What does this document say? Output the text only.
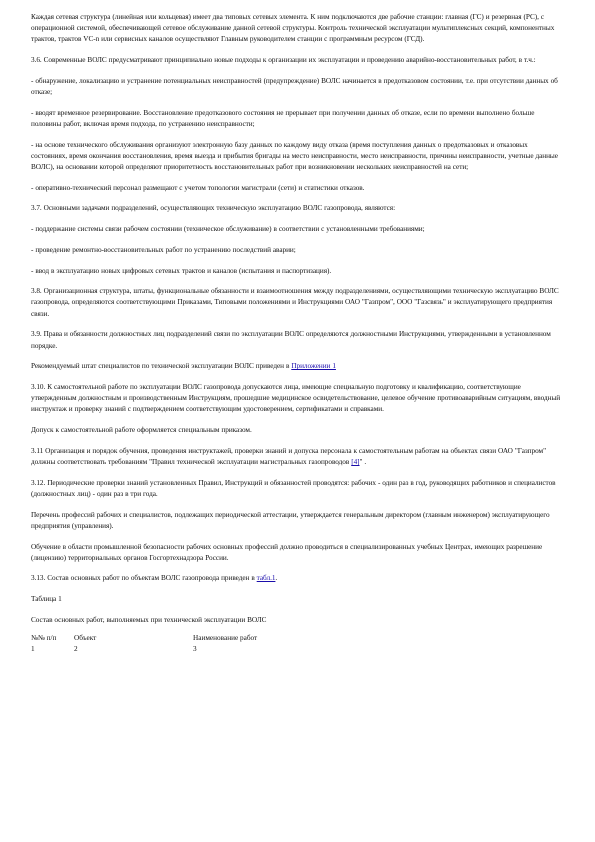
Каждая сетевая структура (линейная или кольцевая) имеет два типовых сетевых элемента. К ним подключаются две рабочие станции: главная (ГС) и резервная (РС), с операционной системой, обеспечивающей сетевое обслуживание данной сетевой структуры. Контроль технической эксплуатации мультиплексных секций, компонентных трактов, трактов VC-n или сервисных каналов осуществляют Главным руководителем станции с программным ресурсом (ГСД).

3.6. Современные ВОЛС предусматривают принципиально новые подходы к организации их эксплуатации и проведению аварийно-восстановительных работ, в т.ч.:

- обнаружение, локализацию и устранение потенциальных неисправностей (предупреждение) ВОЛС начинается в предотказовом состоянии, т.е. при отсутствии данных об отказе;

- вводят временное резервирование. Восстановление предотказового состояния не прерывает при получении данных об отказе, если по времени выполнено больше половины работ, включая время подхода, по устранению неисправности;

- на основе технического обслуживания организуют электронную базу данных по каждому виду отказа (время поступления данных о предотказовых и отказовых состояниях, время окончания восстановления, время выезда и прибытия бригады на место неисправности, место неисправности, причины неисправности, учетные данные ВОЛС), на основании которой определяют приоритетность восстановительных работ при возникновении нескольких неисправностей на сети;

- оперативно-технический персонал размещают с учетом топологии магистрали (сети) и статистики отказов.

3.7. Основными задачами подразделений, осуществляющих техническую эксплуатацию ВОЛС газопровода, являются:

- поддержание системы связи рабочем состоянии (техническое обслуживание) в соответствии с установленными требованиями;

- проведение ремонтно-восстановительных работ по устранению последствий аварии;

- ввод в эксплуатацию новых цифровых сетевых трактов и каналов (испытания и паспортизация).

3.8. Организационная структура, штаты, функциональные обязанности и взаимоотношения между подразделениями, осуществляющими техническую эксплуатацию ВОЛС газопровода, определяются соответствующими Приказами, Типовыми положениями и Инструкциями ОАО "Газпром", ООО "Газсвязь" и эксплуатирующего предприятия связи.

3.9. Права и обязанности должностных лиц подразделений связи по эксплуатации ВОЛС определяются должностными Инструкциями, утвержденными в установленном порядке.

Рекомендуемый штат специалистов по технической эксплуатации ВОЛС приведен в Приложении 1

3.10. К самостоятельной работе по эксплуатации ВОЛС газопровода допускаются лица, имеющие специальную подготовку и квалификацию, соответствующие утвержденным должностным и производственным Инструкциям, прошедшие медицинское освидетельствование, целевое обучение противоаварийным ситуациям, вводный инструктаж и проверку знаний с подтверждением соответствующим удостоверением, сертификатами и справками.

Допуск к самостоятельной работе оформляется специальным приказом.

3.11 Организация и порядок обучения, проведения инструктажей, проверки знаний и допуска персонала к самостоятельным работам на объектах связи ОАО "Газпром" должны соответствовать требованиям "Правил технической эксплуатации магистральных газопроводов [4]" .

3.12. Периодические проверки знаний установленных Правил, Инструкций и обязанностей проводятся: рабочих - один раз в год, руководящих работников и специалистов (должностных лиц) - один раз в три года.

Перечень профессий рабочих и специалистов, подлежащих периодической аттестации, утверждается генеральным директором (главным инженером) эксплуатирующего предприятия (управления).

Обучение в области промышленной безопасности рабочих основных профессий должно проводиться в специализированных учебных Центрах, имеющих разрешение (лицензию) территориальных органов Госгортехнадзора России.

3.13. Состав основных работ по объектам ВОЛС газопровода приведен в табл.1.

Таблица 1

Состав основных работ, выполняемых при технической эксплуатации ВОЛС

№№ п/п	Объект	Наименование работ
1	2	3
